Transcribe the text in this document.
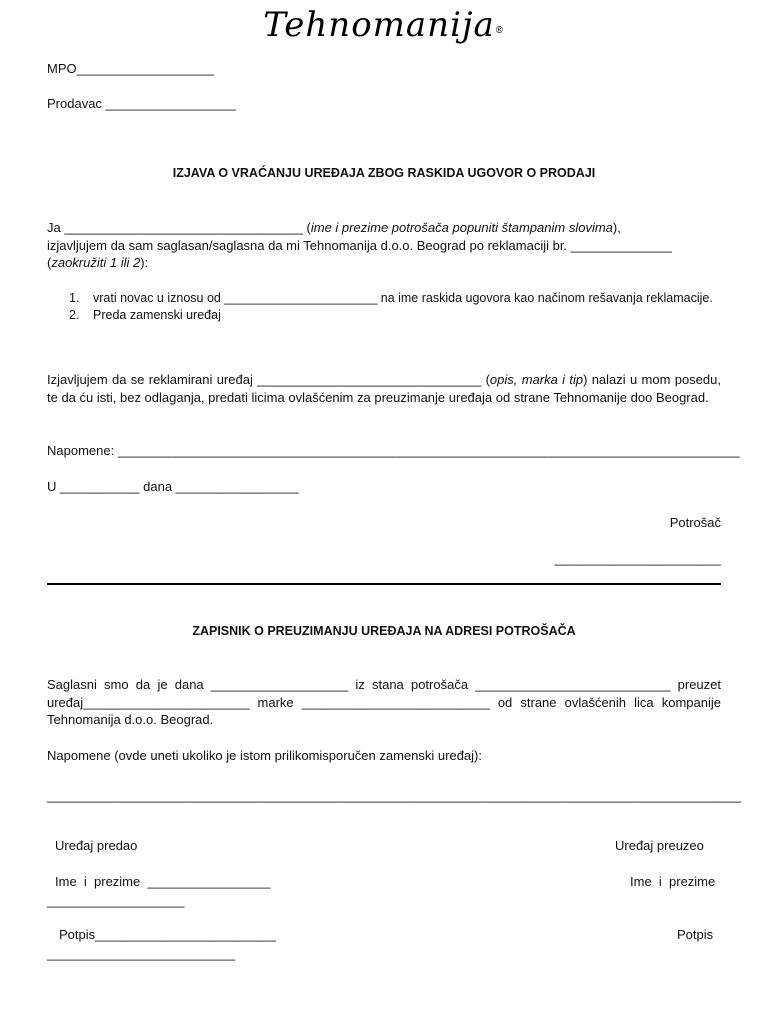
Tehnomanija®
MPO___________________
Prodavac __________________
IZJAVA O VRAĆANJU UREĐAJA ZBOG RASKIDA UGOVOR O PRODAJI

Ja _________________________________ (ime i prezime potrošača popuniti štampanim slovima),

izjavljujem da sam saglasan/saglasna da mi Tehnomanija d.o.o. Beograd po reklamaciji br. ______________

(zaokružiti 1 ili 2):

1. vrati novac u iznosu od ______________________ na ime raskida ugovora kao načinom rešavanja reklamacije.
2. Preda zamenski uređaj

Izjavljujem da se reklamirani uređaj _______________________________ (opis, marka i tip) nalazi u mom posedu, te da ću isti, bez odlaganja, predati licima ovlašćenim za preuzimanje uređaja od strane Tehnomanije doo Beograd.

Napomene: ______________________________________________________________________________________
U ___________ dana _________________
Potrošač
_______________________
ZAPISNIK O PREUZIMANJU UREĐAJA NA ADRESI POTROŠAČA

Saglasni smo da je dana ___________________ iz stana potrošača ___________________________ preuzet uređaj_______________________ marke __________________________ od strane ovlašćenih lica kompanije Tehnomanija d.o.o. Beograd.

Napomene (ovde uneti ukoliko je istom prilikomisporučen zamenski uređaj):
________________________________________________________________________________________________
Uređaj predao	Uređaj preuzeo
Ime  i  prezime  _________________	Ime  i  prezime
___________________
Potpis_________________________	Potpis
__________________________
